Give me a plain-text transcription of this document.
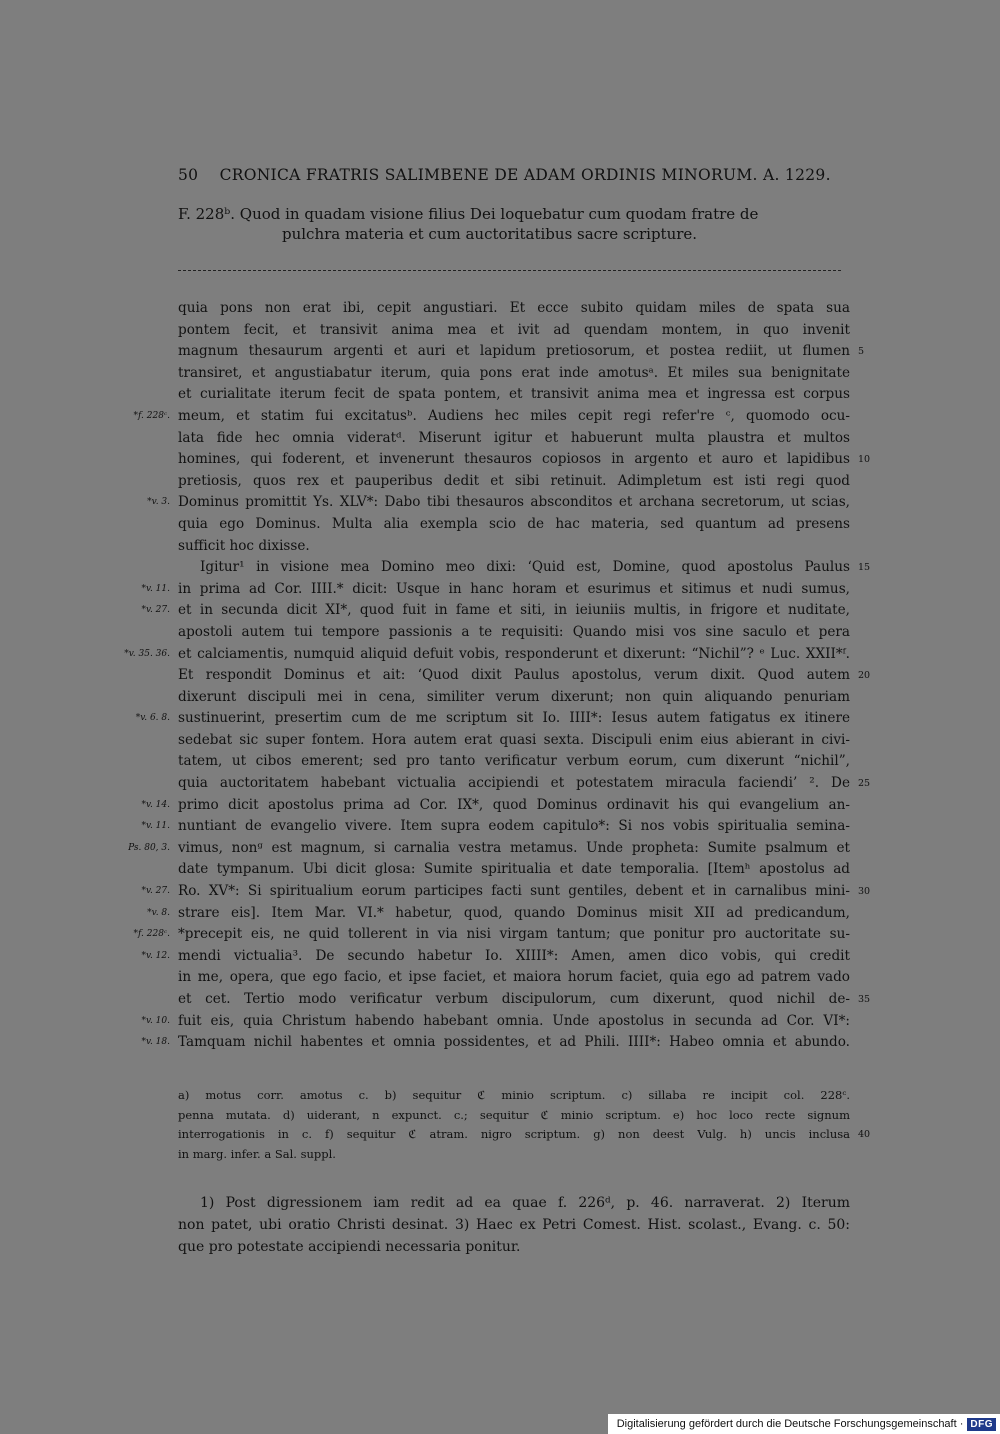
50 CRONICA FRATRIS SALIMBENE DE ADAM ORDINIS MINORUM. A. 1229.
F. 228ᵇ. Quod in quadam visione filius Dei loquebatur cum quodam fratre de
pulchra materia et cum auctoritatibus sacre scripture.
quia pons non erat ibi, cepit angustiari. Et ecce subito quidam miles de spata sua
pontem fecit, et transivit anima mea et ivit ad quendam montem, in quo invenit
magnum thesaurum argenti et auri et lapidum pretiosorum, et postea rediit, ut flumen 5
transiret, et angustiabatur iterum, quia pons erat inde amotusᵃ. Et miles sua benignitate
et curialitate iterum fecit de spata pontem, et transivit anima mea et ingressa est corpus
*f. 228ᶜ. meum, et statim fui excitatusᵇ. Audiens hec miles cepit regi refer're ᶜ, quomodo ocu-
lata fide hec omnia videratᵈ. Miserunt igitur et habuerunt multa plaustra et multos
homines, qui foderent, et invenerunt thesauros copiosos in argento et auro et lapidibus 10
pretiosis, quos rex et pauperibus dedit et sibi retinuit. Adimpletum est isti regi quod
*v. 3. Dominus promittit Ys. XLV*: Dabo tibi thesauros absconditos et archana secretorum, ut scias,
quia ego Dominus. Multa alia exempla scio de hac materia, sed quantum ad presens
sufficit hoc dixisse.
Igitur¹ in visione mea Domino meo dixi: ‘Quid est, Domine, quod apostolus Paulus 15
*v. 11. in prima ad Cor. IIII.* dicit: Usque in hanc horam et esurimus et sitimus et nudi sumus,
*v. 27. et in secunda dicit XI*, quod fuit in fame et siti, in ieiuniis multis, in frigore et nuditate,
apostoli autem tui tempore passionis a te requisiti: Quando misi vos sine saculo et pera
*v. 35. 36. et calciamentis, numquid aliquid defuit vobis, responderunt et dixerunt: “Nichil”? ᵉ Luc. XXII*ᶠ.
Et respondit Dominus et ait: ‘Quod dixit Paulus apostolus, verum dixit. Quod autem 20
dixerunt discipuli mei in cena, similiter verum dixerunt; non quin aliquando penuriam
*v. 6. 8. sustinuerint, presertim cum de me scriptum sit Io. IIII*: Iesus autem fatigatus ex itinere
sedebat sic super fontem. Hora autem erat quasi sexta. Discipuli enim eius abierant in civi-
tatem, ut cibos emerent; sed pro tanto verificatur verbum eorum, cum dixerunt “nichil”,
quia auctoritatem habebant victualia accipiendi et potestatem miracula faciendi’ ². De 25
*v. 14. primo dicit apostolus prima ad Cor. IX*, quod Dominus ordinavit his qui evangelium an-
*v. 11. nuntiant de evangelio vivere. Item supra eodem capitulo*: Si nos vobis spiritualia semina-
Ps. 80, 3. vimus, nonᵍ est magnum, si carnalia vestra metamus. Unde propheta: Sumite psalmum et
date tympanum. Ubi dicit glosa: Sumite spiritualia et date temporalia. [Itemʰ apostolus ad
*v. 27. Ro. XV*: Si spiritualium eorum participes facti sunt gentiles, debent et in carnalibus mini- 30
*v. 8. strare eis]. Item Mar. VI.* habetur, quod, quando Dominus misit XII ad predicandum,
*f. 228ᶜ. *precepit eis, ne quid tollerent in via nisi virgam tantum; que ponitur pro auctoritate su-
*v. 12. mendi victualia³. De secundo habetur Io. XIIII*: Amen, amen dico vobis, qui credit
in me, opera, que ego facio, et ipse faciet, et maiora horum faciet, quia ego ad patrem vado
et cet. Tertio modo verificatur verbum discipulorum, cum dixerunt, quod nichil de- 35
*v. 10. fuit eis, quia Christum habendo habebant omnia. Unde apostolus in secunda ad Cor. VI*:
*v. 18. Tamquam nichil habentes et omnia possidentes, et ad Phili. IIII*: Habeo omnia et abundo.
a) motus corr. amotus c. b) sequitur ℭ minio scriptum. c) sillaba re incipit col. 228ᶜ.
penna mutata. d) uiderant, n expunct. c.; sequitur ℭ minio scriptum. e) hoc loco recte signum
interrogationis in c. f) sequitur ℭ atram. nigro scriptum. g) non deest Vulg. h) uncis inclusa 40
in marg. infer. a Sal. suppl.
1) Post digressionem iam redit ad ea quae f. 226ᵈ, p. 46. narraverat. 2) Iterum
non patet, ubi oratio Christi desinat. 3) Haec ex Petri Comest. Hist. scolast., Evang. c. 50:
que pro potestate accipiendi necessaria ponitur.
Digitalisierung gefördert durch die Deutsche Forschungsgemeinschaft · DFG
